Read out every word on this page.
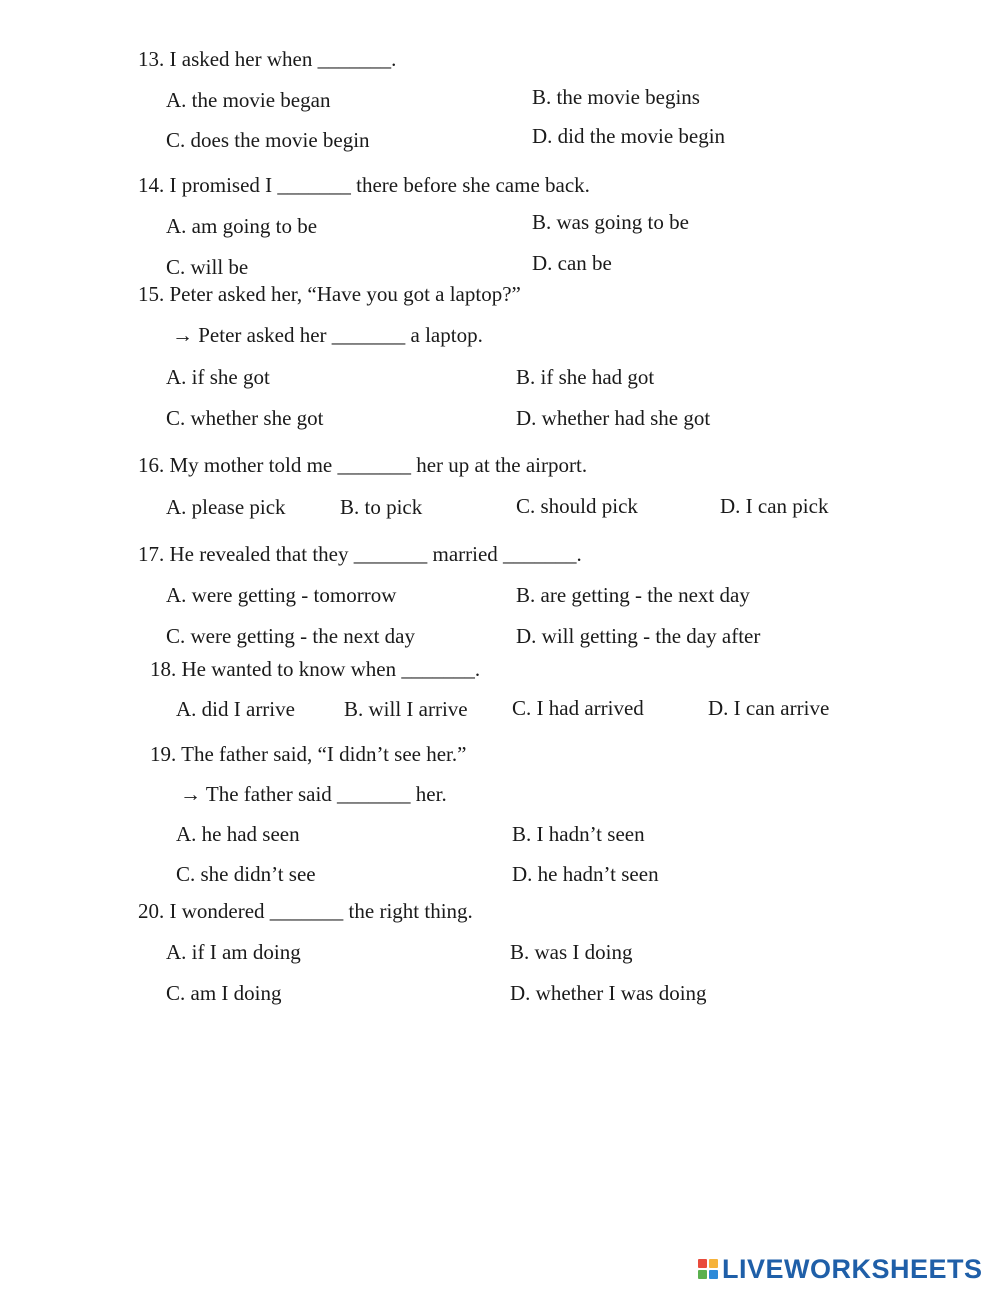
13. I asked her when _______.
A. the movie began	B. the movie begins
C. does the movie begin	D. did the movie begin
14. I promised I _______ there before she came back.
A. am going to be	B. was going to be
C. will be	D. can be
15. Peter asked her, “Have you got a laptop?”
→ Peter asked her _______ a laptop.
A. if she got	B. if she had got
C. whether she got	D. whether had she got
16. My mother told me _______ her up at the airport.
A. please pick	B. to pick	C. should pick	D. I can pick
17. He revealed that they _______ married _______.
A. were getting - tomorrow	B. are getting - the next day
C. were getting - the next day	D. will getting - the day after
18. He wanted to know when _______.
A. did I arrive B. will I arrive C. I had arrived	D. I can arrive
19. The father said, “I didn’t see her.”
→ The father said _______ her.
A. he had seen	B. I hadn’t seen
C. she didn’t see	D. he hadn’t seen
20. I wondered _______ the right thing.
A. if I am doing	B. was I doing
C. am I doing	D. whether I was doing
LIVEWORKSHEETS
